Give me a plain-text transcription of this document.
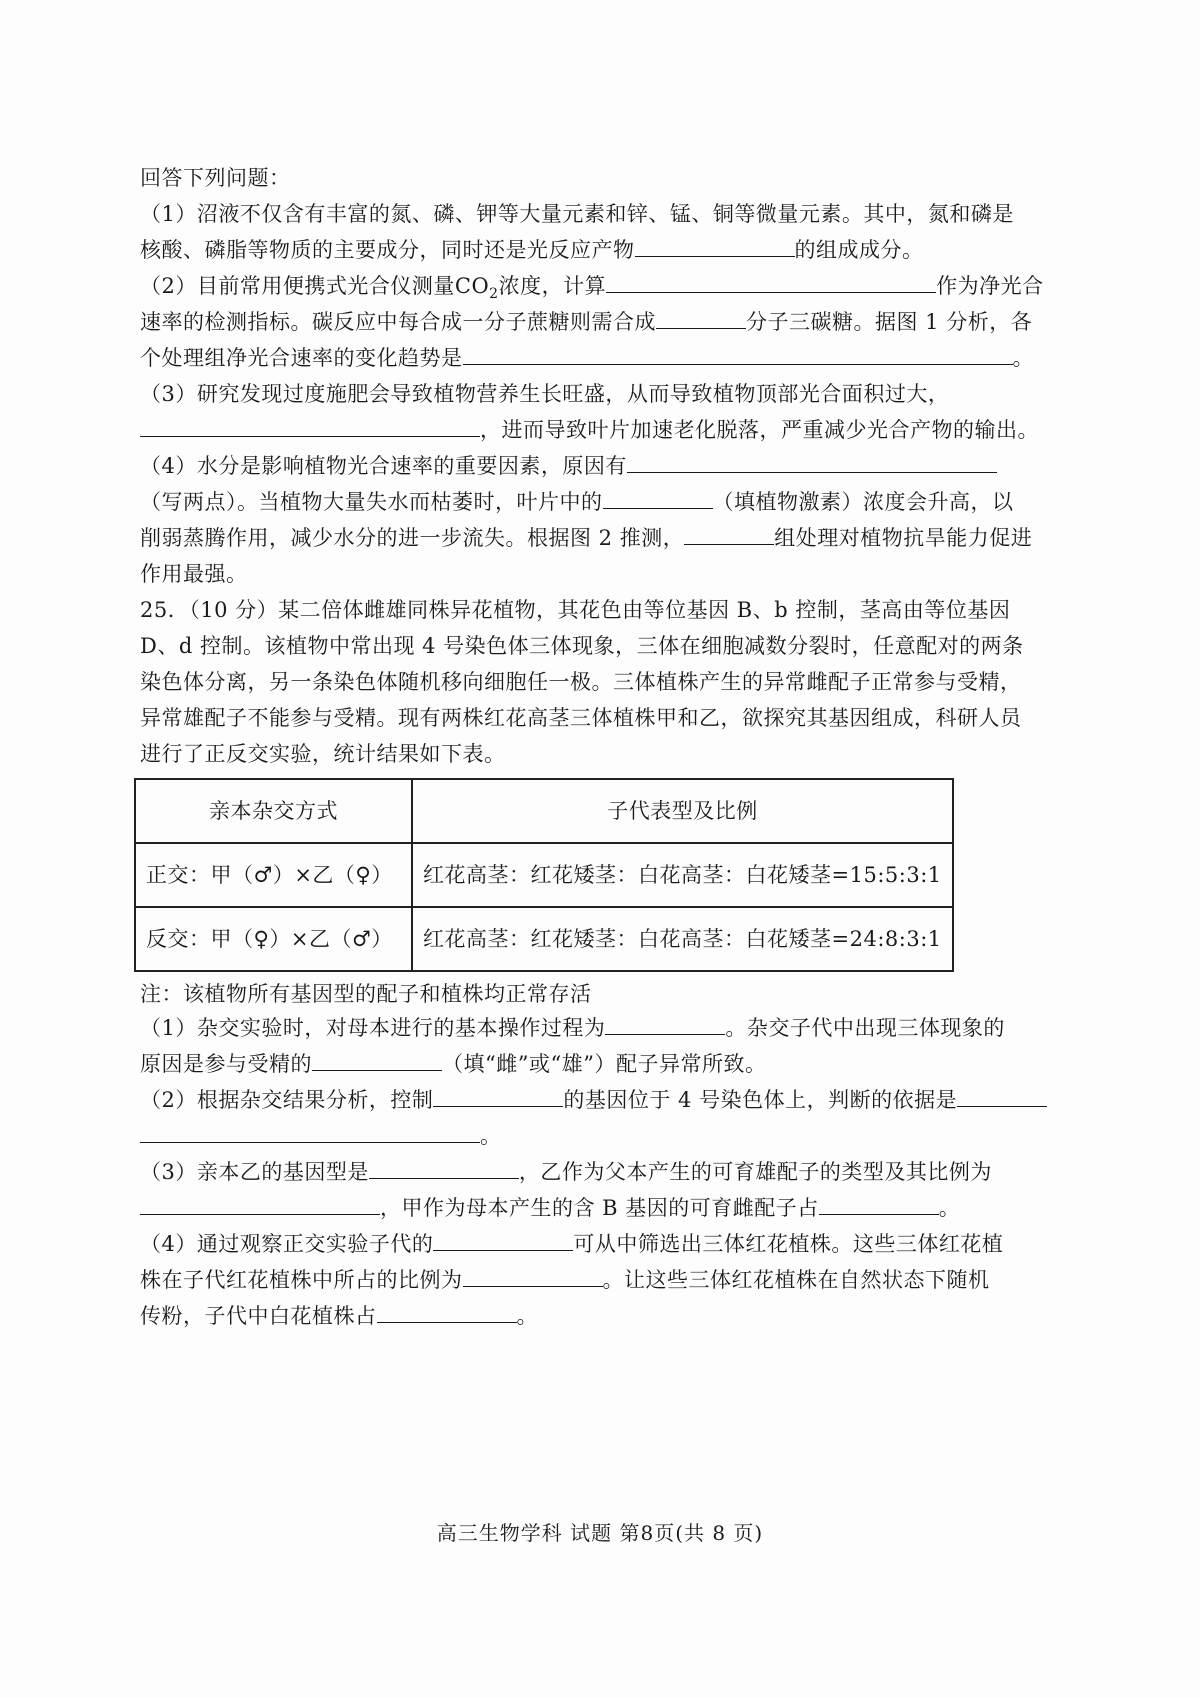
回答下列问题：
（1）沼液不仅含有丰富的氮、磷、钾等大量元素和锌、锰、铜等微量元素。其中，氮和磷是
核酸、磷脂等物质的主要成分，同时还是光反应产物	的组成成分。
（2）目前常用便携式光合仪测量$CO_2$浓度，计算	作为净光合
速率的检测指标。碳反应中每合成一分子蔗糖则需合成	分子三碳糖。据图 1 分析，各
个处理组净光合速率的变化趋势是	。
（3）研究发现过度施肥会导致植物营养生长旺盛，从而导致植物顶部光合面积过大，
，进而导致叶片加速老化脱落，严重减少光合产物的输出。
（4）水分是影响植物光合速率的重要因素，原因有
（写两点）。当植物大量失水而枯萎时，叶片中的	（填植物激素）浓度会升高，以
削弱蒸腾作用，减少水分的进一步流失。根据图 2 推测，	组处理对植物抗旱能力促进
作用最强。
25．（10 分）某二倍体雌雄同株异花植物，其花色由等位基因 B、b 控制，茎高由等位基因
D、d 控制。该植物中常出现 4 号染色体三体现象，三体在细胞减数分裂时，任意配对的两条
染色体分离，另一条染色体随机移向细胞任一极。三体植株产生的异常雌配子正常参与受精，
异常雄配子不能参与受精。现有两株红花高茎三体植株甲和乙，欲探究其基因组成，科研人员
进行了正反交实验，统计结果如下表。
亲本杂交方式	子代表型及比例
正交：甲（♂）×乙（♀）	红花高茎：红花矮茎：白花高茎：白花矮茎=15:5:3:1
反交：甲（♀）×乙（♂）	红花高茎：红花矮茎：白花高茎：白花矮茎=24:8:3:1
注：该植物所有基因型的配子和植株均正常存活
（1）杂交实验时，对母本进行的基本操作过程为	。杂交子代中出现三体现象的
原因是参与受精的	（填“雌”或“雄”）配子异常所致。
（2）根据杂交结果分析，控制	的基因位于 4 号染色体上，判断的依据是
。
（3）亲本乙的基因型是	，乙作为父本产生的可育雄配子的类型及其比例为
，甲作为母本产生的含 B 基因的可育雌配子占	。
（4）通过观察正交实验子代的	可从中筛选出三体红花植株。这些三体红花植
株在子代红花植株中所占的比例为	。让这些三体红花植株在自然状态下随机
传粉，子代中白花植株占	。
高三生物学科 试题 第8页(共 8 页)
